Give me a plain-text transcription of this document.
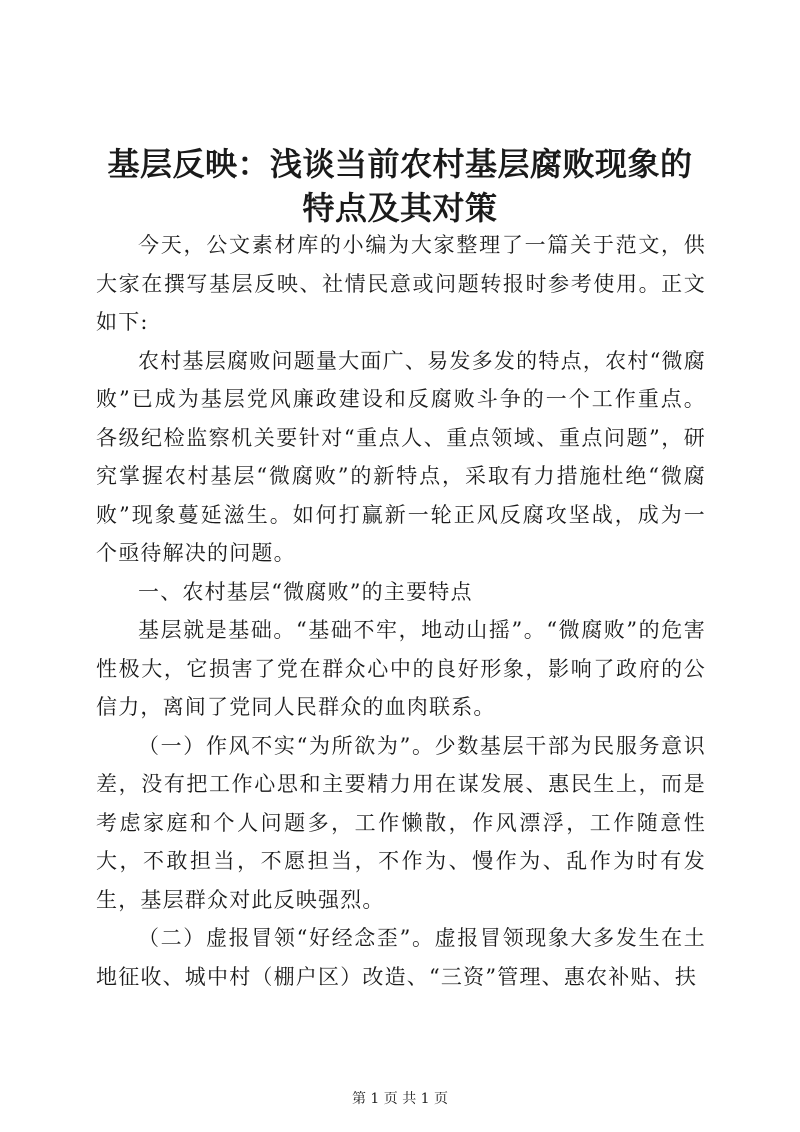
基层反映：浅谈当前农村基层腐败现象的特点及其对策

今天，公文素材库的小编为大家整理了一篇关于范文，供大家在撰写基层反映、社情民意或问题转报时参考使用。正文如下:

农村基层腐败问题量大面广、易发多发的特点，农村“微腐败”已成为基层党风廉政建设和反腐败斗争的一个工作重点。各级纪检监察机关要针对“重点人、重点领域、重点问题”，研究掌握农村基层“微腐败”的新特点，采取有力措施杜绝“微腐败”现象蔓延滋生。如何打赢新一轮正风反腐攻坚战，成为一个亟待解决的问题。

一、农村基层“微腐败”的主要特点

基层就是基础。“基础不牢，地动山摇”。“微腐败”的危害性极大，它损害了党在群众心中的良好形象，影响了政府的公信力，离间了党同人民群众的血肉联系。

（一）作风不实“为所欲为”。少数基层干部为民服务意识差，没有把工作心思和主要精力用在谋发展、惠民生上，而是考虑家庭和个人问题多，工作懒散，作风漂浮，工作随意性大，不敢担当，不愿担当，不作为、慢作为、乱作为时有发生，基层群众对此反映强烈。

（二）虚报冒领“好经念歪”。虚报冒领现象大多发生在土地征收、城中村（棚户区）改造、“三资”管理、惠农补贴、扶

第 1 页 共 1 页
